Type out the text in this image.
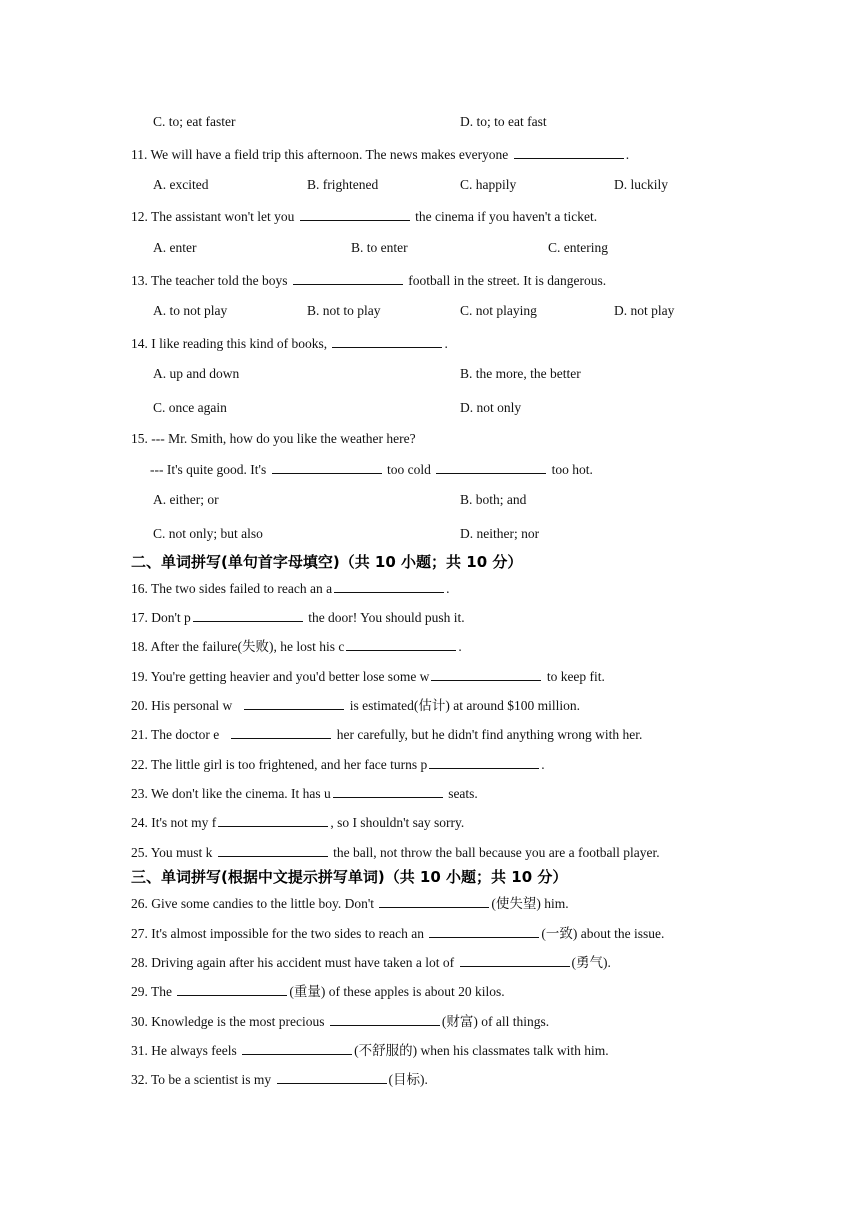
C. to; eat faster	D. to; to eat fast
11. We will have a field trip this afternoon. The news makes everyone	.
A. excited	B. frightened	C. happily	D. luckily
12. The assistant won't let you	the cinema if you haven't a ticket.
A. enter	B. to enter	C. entering
13. The teacher told the boys	football in the street. It is dangerous.
A. to not play	B. not to play	C. not playing	D. not play
14. I like reading this kind of books,	.
A. up and down	B. the more, the better
C. once again	D. not only
15. --- Mr. Smith, how do you like the weather here?
--- It's quite good. It's	too cold	too hot.
A. either; or	B. both; and
C. not only; but also	D. neither; nor
二、单词拼写(单句首字母填空)（共 10 小题；共 10 分）
16. The two sides failed to reach an a	.
17. Don't p	the door! You should push it.
18. After the failure(失败), he lost his c	.
19. You're getting heavier and you'd better lose some w	to keep fit.
20. His personal w	is estimated(估计) at around $100 million.
21. The doctor e	her carefully, but he didn't find anything wrong with her.
22. The little girl is too frightened, and her face turns p	.
23. We don't like the cinema. It has u	seats.
24. It's not my f	, so I shouldn't say sorry.
25. You must k	the ball, not throw the ball because you are a football player.
三、单词拼写(根据中文提示拼写单词)（共 10 小题；共 10 分）
26. Give some candies to the little boy. Don't	(使失望) him.
27. It's almost impossible for the two sides to reach an	(一致) about the issue.
28. Driving again after his accident must have taken a lot of	(勇气).
29. The	(重量) of these apples is about 20 kilos.
30. Knowledge is the most precious	(财富) of all things.
31. He always feels	(不舒服的) when his classmates talk with him.
32. To be a scientist is my	(目标).
